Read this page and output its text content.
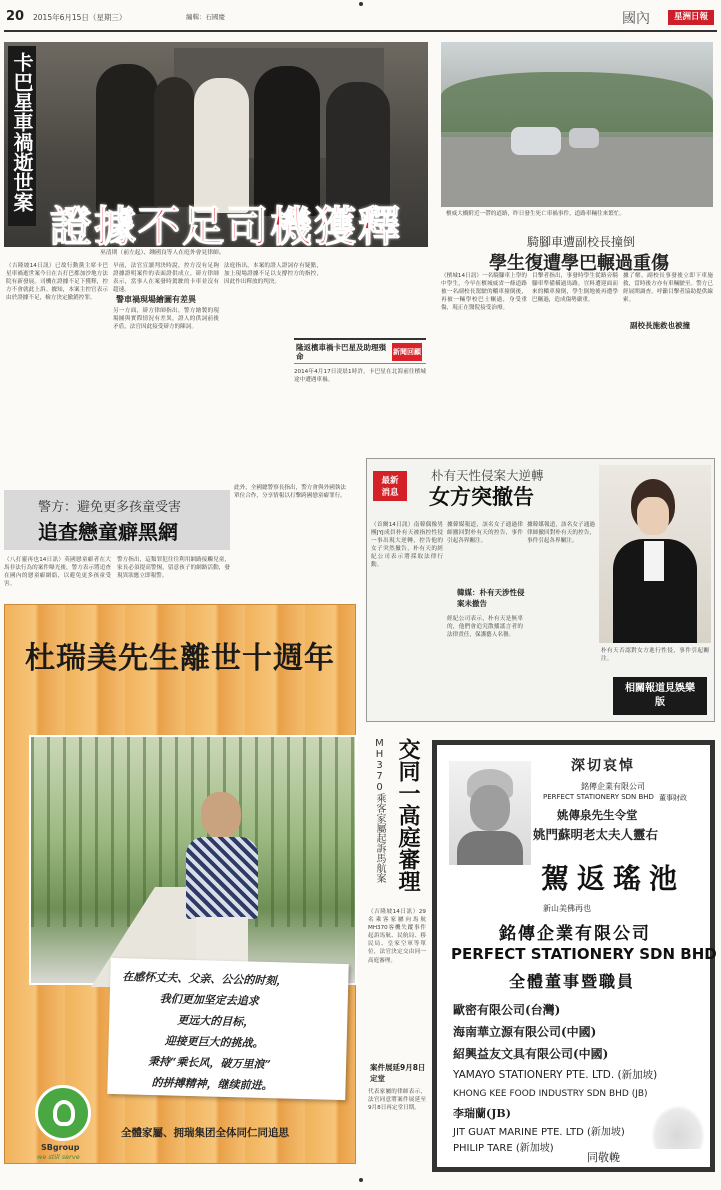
20 2015年6月15日（星期三）	編輯：石國慶	國內	星洲日報
卡巴星車禍逝世案
證據不足司機獲釋
巫清則（前左起）、鍾國良等人在庭外會見律師。
（吉隆坡14日訊）已故行動黨主席卡巴星車禍逝世案今日在吉打巴都加沙地方法院有新發展。司機在證據不足下獲釋，控方不會就此上訴。據知，本案主控官表示由於證據不足，檢方決定撤銷控罪。
早前，法官宣讀判決時說，控方沒有足夠證據證明案件的表面證供成立。辯方律師表示，當事人在案發時駕駛的卡車並沒有超速。
警車禍現場繪圖有差異
另一方面，辯方律師指出，警方繪製的現場圖與實際情況有差異，證人的供詞前後矛盾，法官因此接受辯方的陳詞。
法庭指出，本案的證人證詞存有疑點，加上現場證據不足以支撐控方的指控，因此作出釋放的判決。
隆返檳車禍卡巴星及助理殞命	新聞回顧
2014年4月17日凌晨1時許，卡巴星在北海前往檳城途中遭遇車禍。
檳威大橋附近一帶的道路，昨日發生死亡車禍事件，道路車輛往來繁忙。
騎腳車遭副校長撞倒
學生復遭學巴輾過重傷
（檳城14日訊）一名騎腳車上學的中學生，今早在檳城威省一條道路被一名副校長駕駛的轎車撞倒後，再被一輛學校巴士輾過，身受重傷，現正在醫院接受治療。
目擊者指出，事發時學生從路旁騎腳車準備橫過馬路，豈料遭迎面而來的轎車撞倒，學生倒地後再遭學巴輾過，造成傷勢嚴重。
副校長施救也被撞
據了解，副校長事發後立即下車施救，當時後方亦有車輛駛至。警方已經展開調查，呼籲目擊者協助提供線索。
警方：避免更多孩童受害
追查戀童癖黑網
（八打靈再也14日訊）英國戀童癖者在大馬非法行為的案件曝光後，警方表示將追查在國內的戀童癖網絡，以避免更多孩童受害。
警方指出，這類罪犯往往利用網路接觸兒童，家長必須提高警惕，留意孩子的網路活動，發現異狀應立即報警。
此外，全國總警察長指出，警方會與外國執法單位合作，分享情報以打擊跨國戀童癖罪行。
最新
消息
朴有天性侵案大逆轉
女方突撤告
（首爾14日訊）南韓偶像男團JYJ成員朴有天被指控性侵一事出現大逆轉，控告他的女子突然撤告，朴有天的經紀公司表示將採取法律行動。
據韓媒報道，該名女子通過律師撤回對朴有天的控告，事件引起各界關注。
韓媒：朴有天涉性侵案未撤告
經紀公司表示，朴有天是無辜的，他們會追究散播謠言者的法律責任，保護藝人名譽。
據韓媒報道，該名女子通過律師撤回對朴有天的控告，事件引起各界關注。
朴有天否認對女方進行性侵，事件引起關注。
相關報道見娛樂版
杜瑞美先生離世十週年
在感怀丈夫、父亲、公公的时刻，
我们更加坚定去追求
更远大的目标，
迎接更巨大的挑战。
秉持“乘长风，破万里浪”
的拼搏精神，继续前进。
SBgroup
we still serve
全體家屬、拥瑞集团全体同仁同追思
MH370乘客家屬起訴馬航案 交同一高庭審理
（吉隆坡14日訊）29名乘客家屬向馬航MH370客機失蹤事件起訴馬航、民航局、移民局、皇家空軍等單位，法官決定交由同一高庭審理。
案件展延9月8日定堂
代表家屬的律師表示，法官同意將案件展延至9月8日再定堂日期。
深切哀悼
銘傳企業有限公司
PERFECT STATIONERY SDN BHD 董事財政
姚傳泉先生令堂
姚門蘇明老太夫人靈右
駕返瑤池
新山美佛再也
銘傳企業有限公司
PERFECT STATIONERY SDN BHD
全體董事暨職員
歐密有限公司(台灣)
海南華立源有限公司(中國)
紹興益友文具有限公司(中國)
YAMAYO STATIONERY PTE. LTD. (新加坡)
KHONG KEE FOOD INDUSTRY SDN BHD (JB)
李瑞蘭(JB)
JIT GUAT MARINE PTE. LTD (新加坡)
PHILIP TARE (新加坡)
同敬輓
